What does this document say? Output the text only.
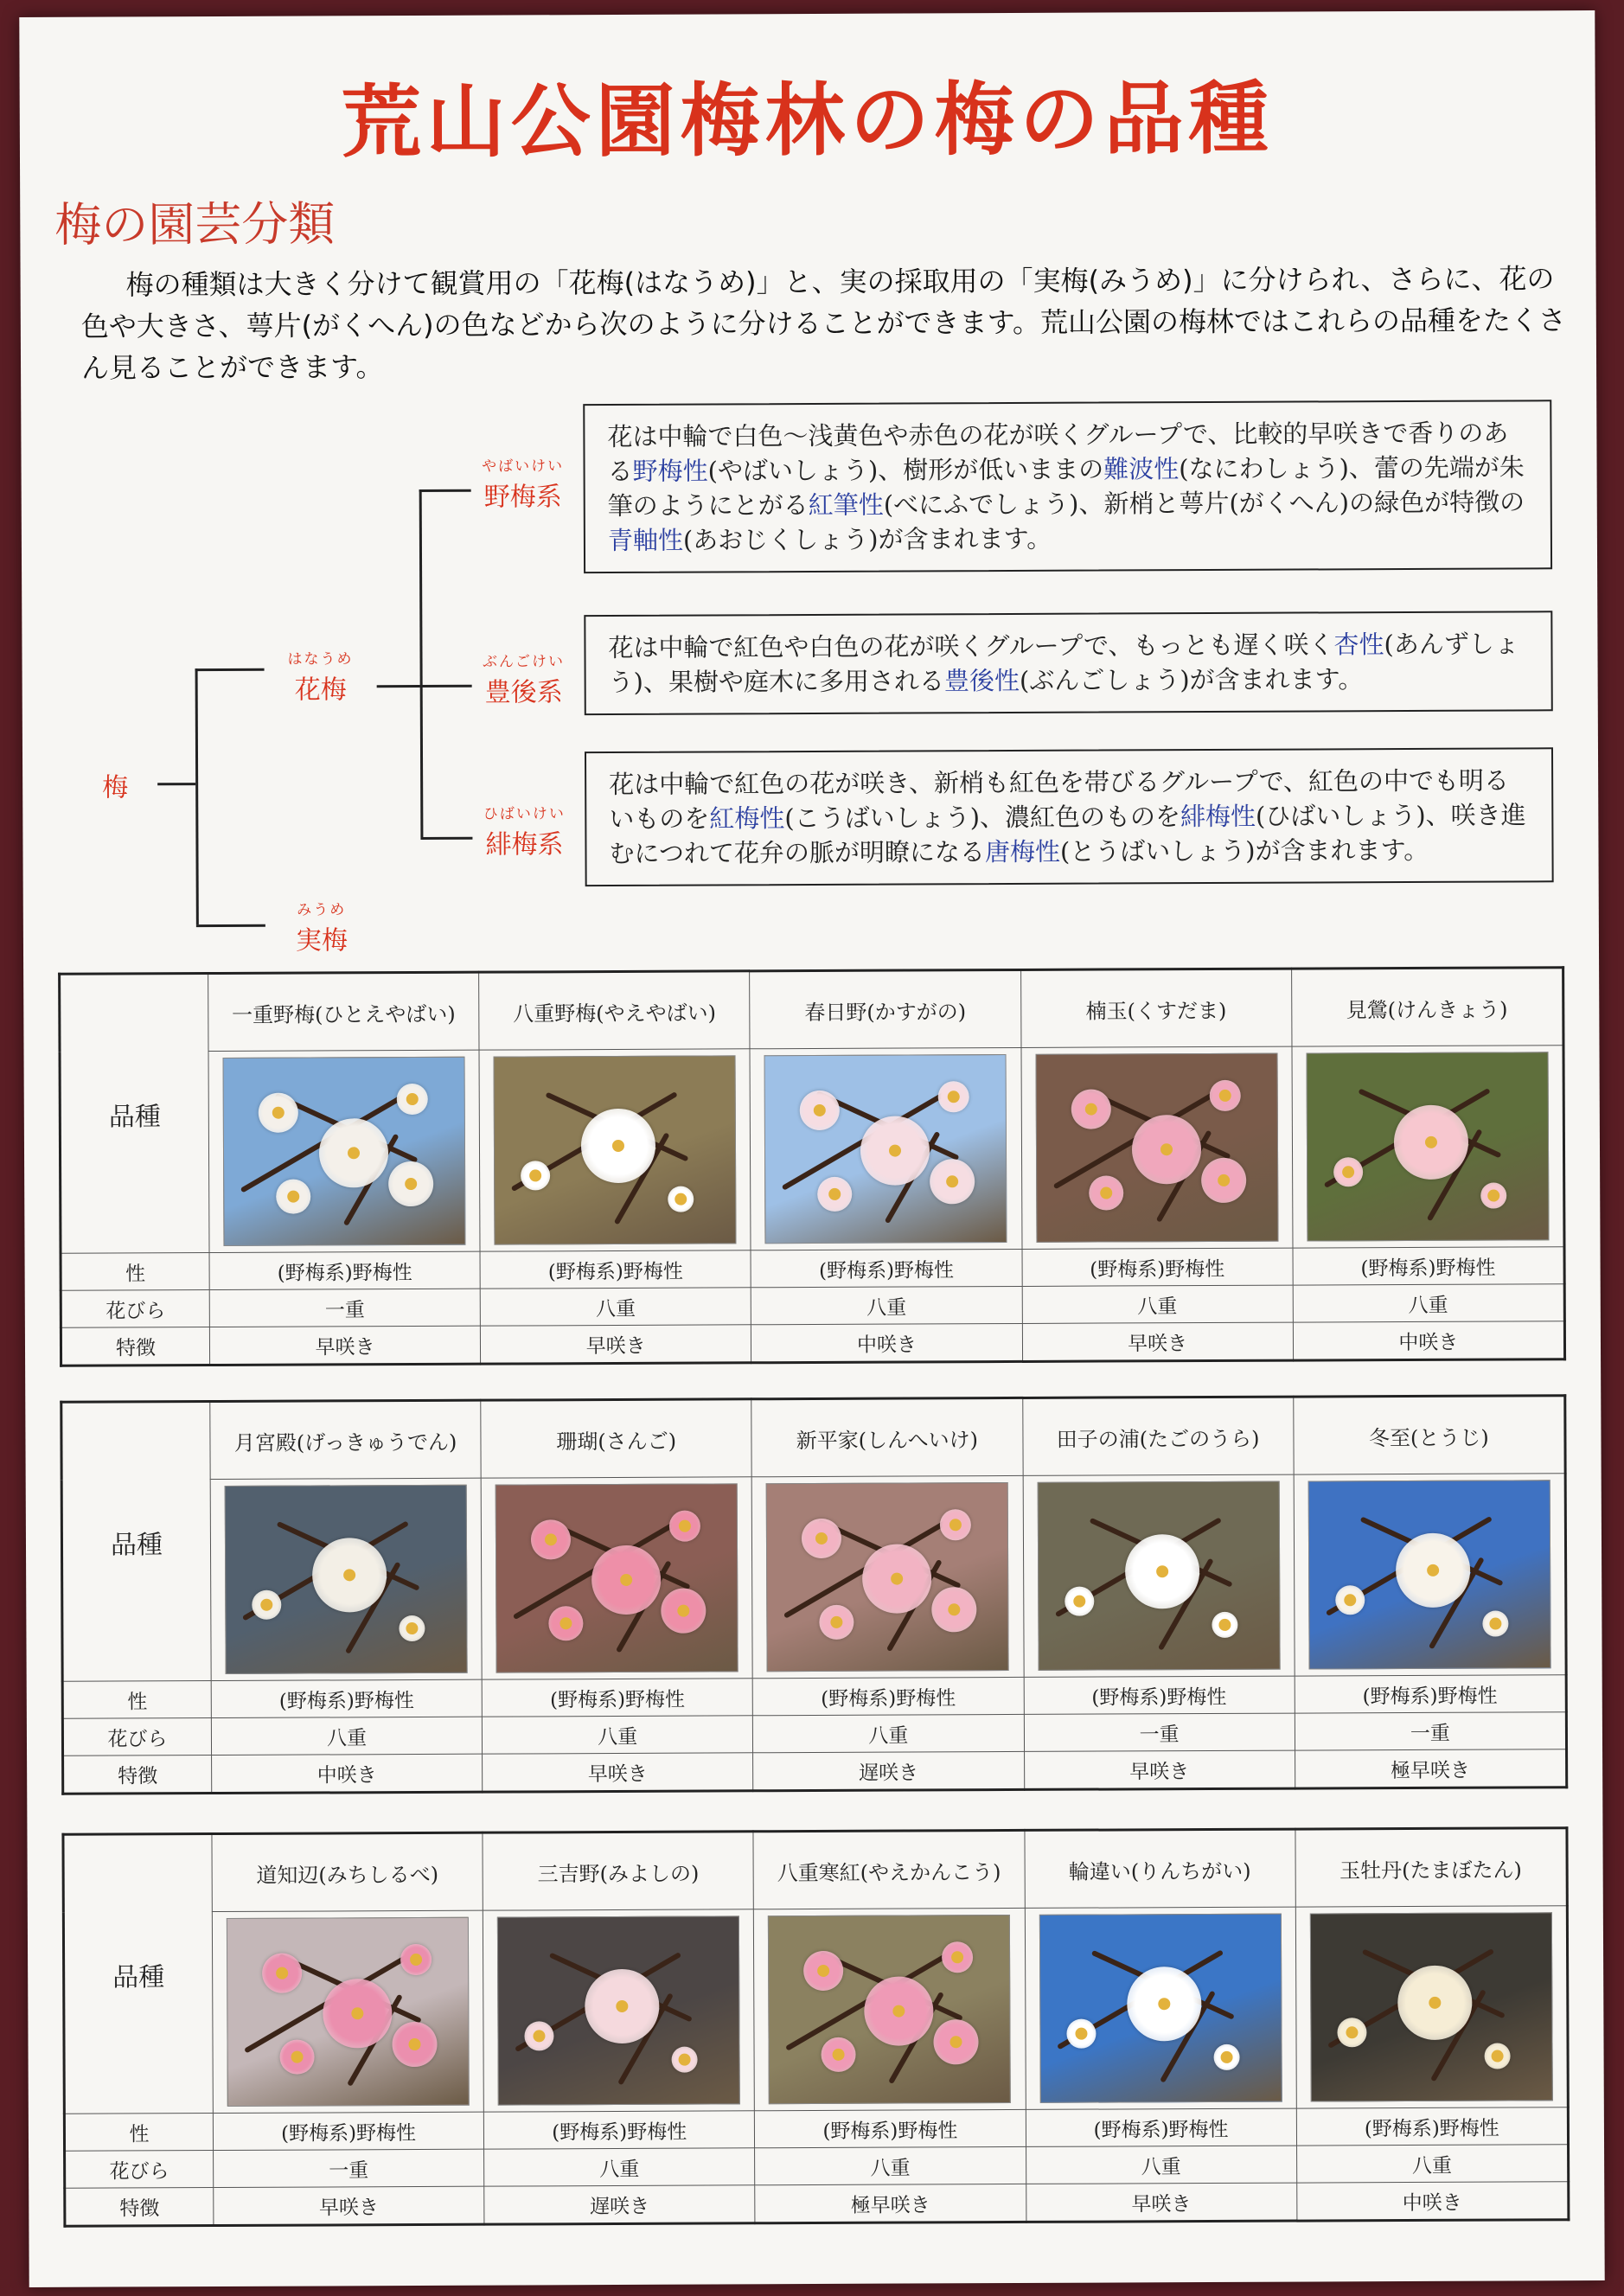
荒山公園梅林の梅の品種
梅の園芸分類
梅の種類は大きく分けて観賞用の「花梅(はなうめ)」と、実の採取用の「実梅(みうめ)」に分けられ、さらに、花の色や大きさ、萼片(がくへん)の色などから次のように分けることができます。荒山公園の梅林ではこれらの品種をたくさん見ることができます。
梅
はなうめ
花梅
みうめ
実梅
やばいけい
野梅系
ぶんごけい
豊後系
ひばいけい
緋梅系
花は中輪で白色〜浅黄色や赤色の花が咲くグループで、比較的早咲きで香りのある野梅性(やばいしょう)、樹形が低いままの難波性(なにわしょう)、蕾の先端が朱筆のようにとがる紅筆性(べにふでしょう)、新梢と萼片(がくへん)の緑色が特徴の青軸性(あおじくしょう)が含まれます。
花は中輪で紅色や白色の花が咲くグループで、もっとも遅く咲く杏性(あんずしょう)、果樹や庭木に多用される豊後性(ぶんごしょう)が含まれます。
花は中輪で紅色の花が咲き、新梢も紅色を帯びるグループで、紅色の中でも明るいものを紅梅性(こうばいしょう)、濃紅色のものを緋梅性(ひばいしょう)、咲き進むにつれて花弁の脈が明瞭になる唐梅性(とうばいしょう)が含まれます。
品種	一重野梅(ひとえやばい)	八重野梅(やえやばい)	春日野(かすがの)	楠玉(くすだま)	見鶯(けんきょう)

性	(野梅系)野梅性	(野梅系)野梅性	(野梅系)野梅性	(野梅系)野梅性	(野梅系)野梅性
花びら	一重	八重	八重	八重	八重
特徴	早咲き	早咲き	中咲き	早咲き	中咲き
品種	月宮殿(げっきゅうでん)	珊瑚(さんご)	新平家(しんへいけ)	田子の浦(たごのうら)	冬至(とうじ)

性	(野梅系)野梅性	(野梅系)野梅性	(野梅系)野梅性	(野梅系)野梅性	(野梅系)野梅性
花びら	八重	八重	八重	一重	一重
特徴	中咲き	早咲き	遅咲き	早咲き	極早咲き
品種	道知辺(みちしるべ)	三吉野(みよしの)	八重寒紅(やえかんこう)	輪違い(りんちがい)	玉牡丹(たまぼたん)

性	(野梅系)野梅性	(野梅系)野梅性	(野梅系)野梅性	(野梅系)野梅性	(野梅系)野梅性
花びら	一重	八重	八重	八重	八重
特徴	早咲き	遅咲き	極早咲き	早咲き	中咲き
